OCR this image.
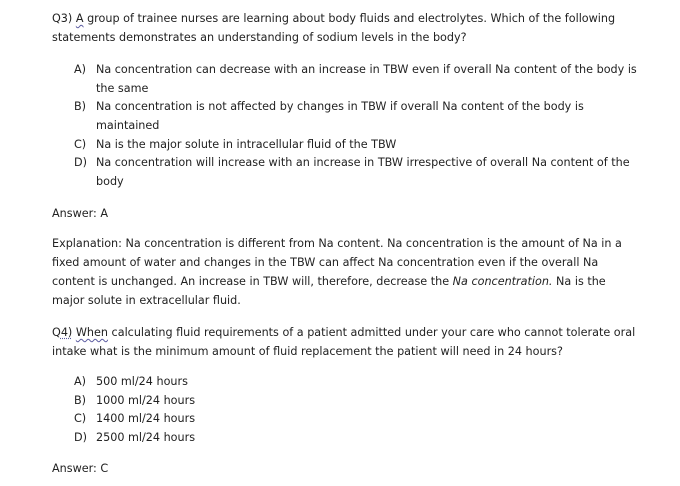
Q3) A group of trainee nurses are learning about body fluids and electrolytes. Which of the following
statements demonstrates an understanding of sodium levels in the body?
A) Na concentration can decrease with an increase in TBW even if overall Na content of the body is
the same
B) Na concentration is not affected by changes in TBW if overall Na content of the body is
maintained
C) Na is the major solute in intracellular fluid of the TBW
D) Na concentration will increase with an increase in TBW irrespective of overall Na content of the
body
Answer: A
Explanation: Na concentration is different from Na content. Na concentration is the amount of Na in a
fixed amount of water and changes in the TBW can affect Na concentration even if the overall Na
content is unchanged. An increase in TBW will, therefore, decrease the Na concentration. Na is the
major solute in extracellular fluid.
Q4) When calculating fluid requirements of a patient admitted under your care who cannot tolerate oral
intake what is the minimum amount of fluid replacement the patient will need in 24 hours?
A) 500 ml/24 hours
B) 1000 ml/24 hours
C) 1400 ml/24 hours
D) 2500 ml/24 hours
Answer: C
